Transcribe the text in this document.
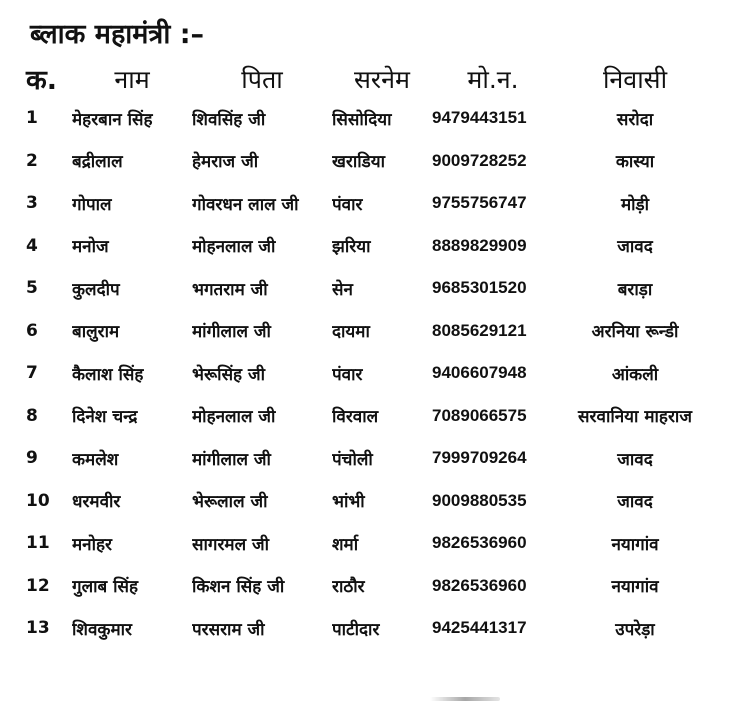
ब्लाक महामंत्री :–
क.	नाम	पिता	सरनेम	मो.न.	निवासी
1	मेहरबान सिंह	शिवसिंह जी	सिसोदिया	9479443151	सरोदा
2	बद्रीलाल	हेमराज जी	खराडिया	9009728252	कास्या
3	गोपाल	गोवरधन लाल जी	पंवार	9755756747	मोड़ी
4	मनोज	मोहनलाल जी	झरिया	8889829909	जावद
5	कुलदीप	भगतराम जी	सेन	9685301520	बराड़ा
6	बालुराम	मांगीलाल जी	दायमा	8085629121	अरनिया रून्डी
7	कैलाश सिंह	भेरूसिंह जी	पंवार	9406607948	आंकली
8	दिनेश चन्द्र	मोहनलाल जी	विरवाल	7089066575	सरवानिया माहराज
9	कमलेश	मांगीलाल जी	पंचोली	7999709264	जावद
10	धरमवीर	भेरूलाल जी	भांभी	9009880535	जावद
11	मनोहर	सागरमल जी	शर्मा	9826536960	नयागांव
12	गुलाब सिंह	किशन सिंह जी	राठौर	9826536960	नयागांव
13	शिवकुमार	परसराम जी	पाटीदार	9425441317	उपरेड़ा
